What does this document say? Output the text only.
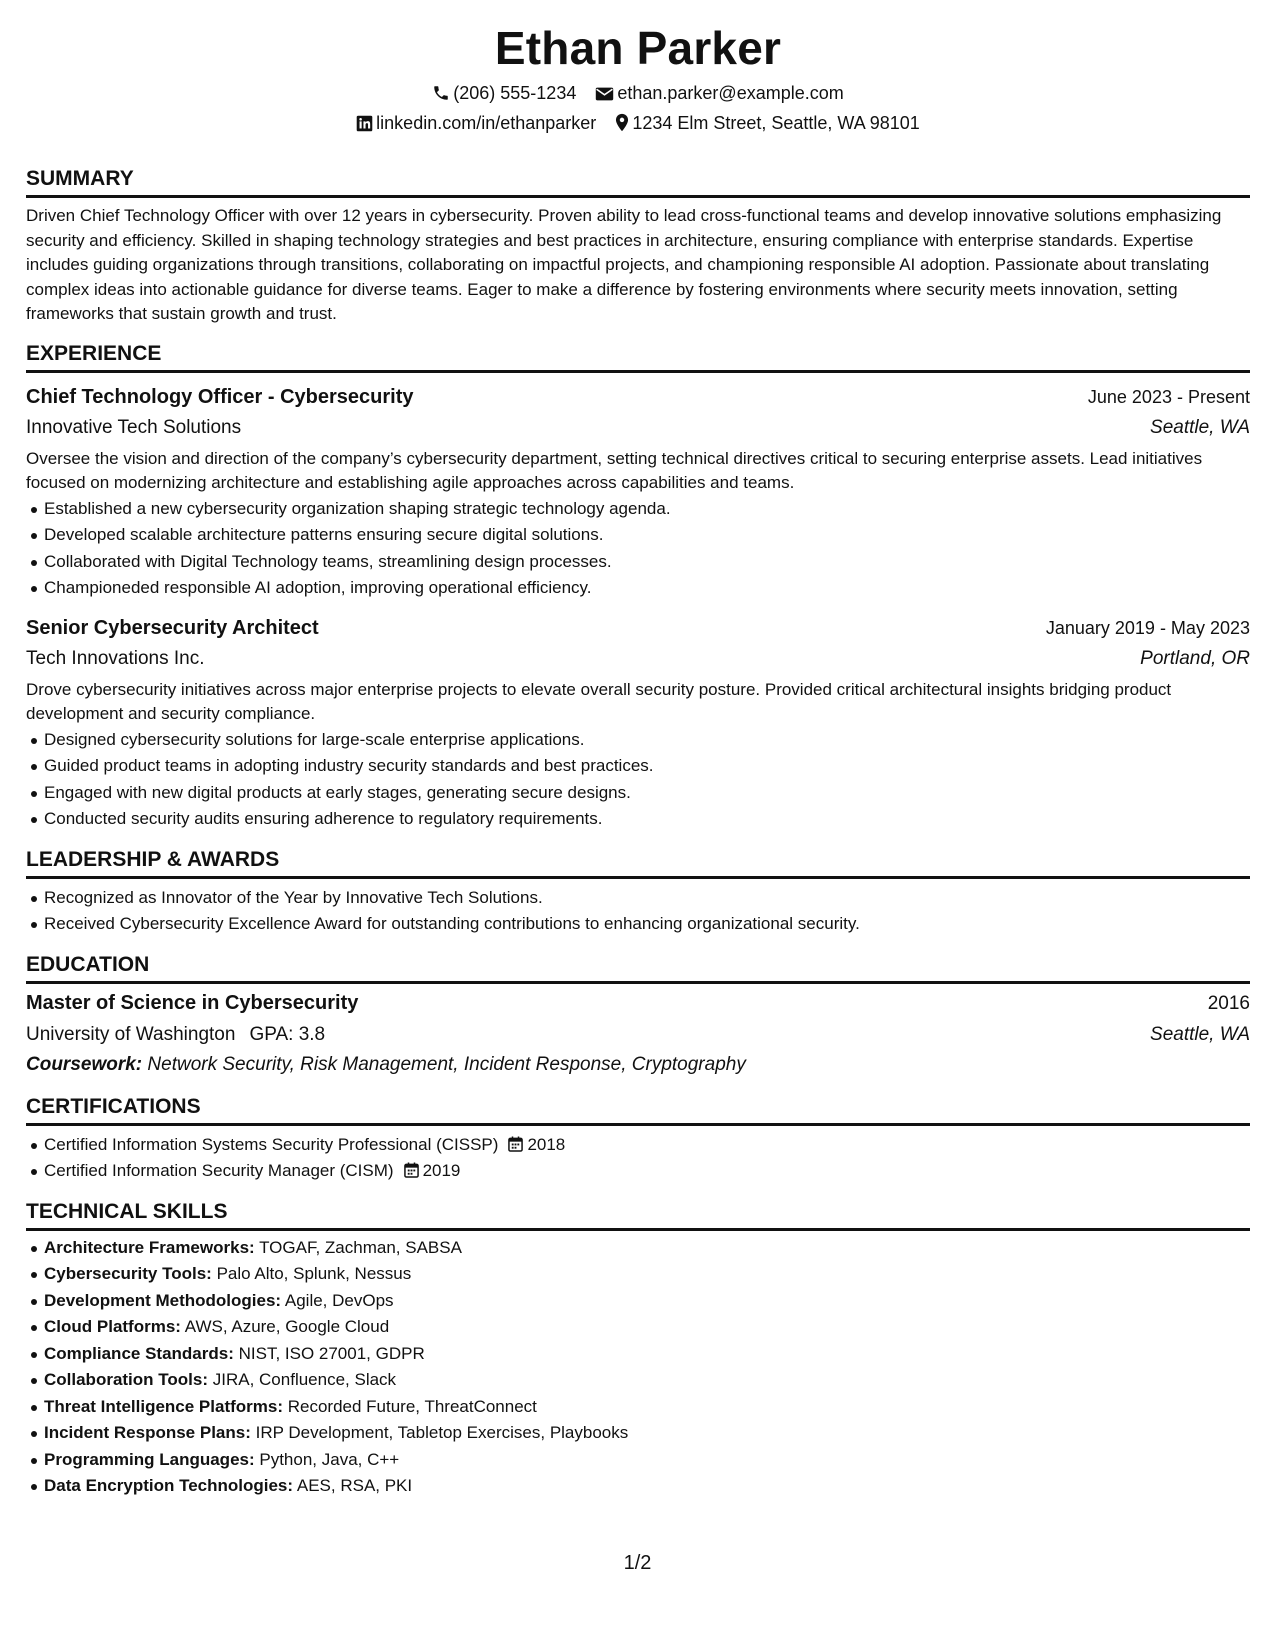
Ethan Parker
(206) 555-1234 ethan.parker@example.com
linkedin.com/in/ethanparker 1234 Elm Street, Seattle, WA 98101
SUMMARY

Driven Chief Technology Officer with over 12 years in cybersecurity. Proven ability to lead cross-functional teams and develop innovative solutions emphasizing security and efficiency. Skilled in shaping technology strategies and best practices in architecture, ensuring compliance with enterprise standards. Expertise includes guiding organizations through transitions, collaborating on impactful projects, and championing responsible AI adoption. Passionate about translating complex ideas into actionable guidance for diverse teams. Eager to make a difference by fostering environments where security meets innovation, setting frameworks that sustain growth and trust.

EXPERIENCE
Chief Technology Officer - Cybersecurity	June 2023 - Present
Innovative Tech Solutions	Seattle, WA

Oversee the vision and direction of the company’s cybersecurity department, setting technical directives critical to securing enterprise assets. Lead initiatives focused on modernizing architecture and establishing agile approaches across capabilities and teams.

Established a new cybersecurity organization shaping strategic technology agenda.
Developed scalable architecture patterns ensuring secure digital solutions.
Collaborated with Digital Technology teams, streamlining design processes.
Championeded responsible AI adoption, improving operational efficiency.
Senior Cybersecurity Architect	January 2019 - May 2023
Tech Innovations Inc.	Portland, OR

Drove cybersecurity initiatives across major enterprise projects to elevate overall security posture. Provided critical architectural insights bridging product development and security compliance.

Designed cybersecurity solutions for large-scale enterprise applications.
Guided product teams in adopting industry security standards and best practices.
Engaged with new digital products at early stages, generating secure designs.
Conducted security audits ensuring adherence to regulatory requirements.
LEADERSHIP & AWARDS
Recognized as Innovator of the Year by Innovative Tech Solutions.
Received Cybersecurity Excellence Award for outstanding contributions to enhancing organizational security.
EDUCATION
Master of Science in Cybersecurity	2016
University of Washington GPA: 3.8	Seattle, WA
Coursework: Network Security, Risk Management, Incident Response, Cryptography
CERTIFICATIONS
Certified Information Systems Security Professional (CISSP) 2018
Certified Information Security Manager (CISM) 2019
TECHNICAL SKILLS
Architecture Frameworks: TOGAF, Zachman, SABSA
Cybersecurity Tools: Palo Alto, Splunk, Nessus
Development Methodologies: Agile, DevOps
Cloud Platforms: AWS, Azure, Google Cloud
Compliance Standards: NIST, ISO 27001, GDPR
Collaboration Tools: JIRA, Confluence, Slack
Threat Intelligence Platforms: Recorded Future, ThreatConnect
Incident Response Plans: IRP Development, Tabletop Exercises, Playbooks
Programming Languages: Python, Java, C++
Data Encryption Technologies: AES, RSA, PKI
1/2
